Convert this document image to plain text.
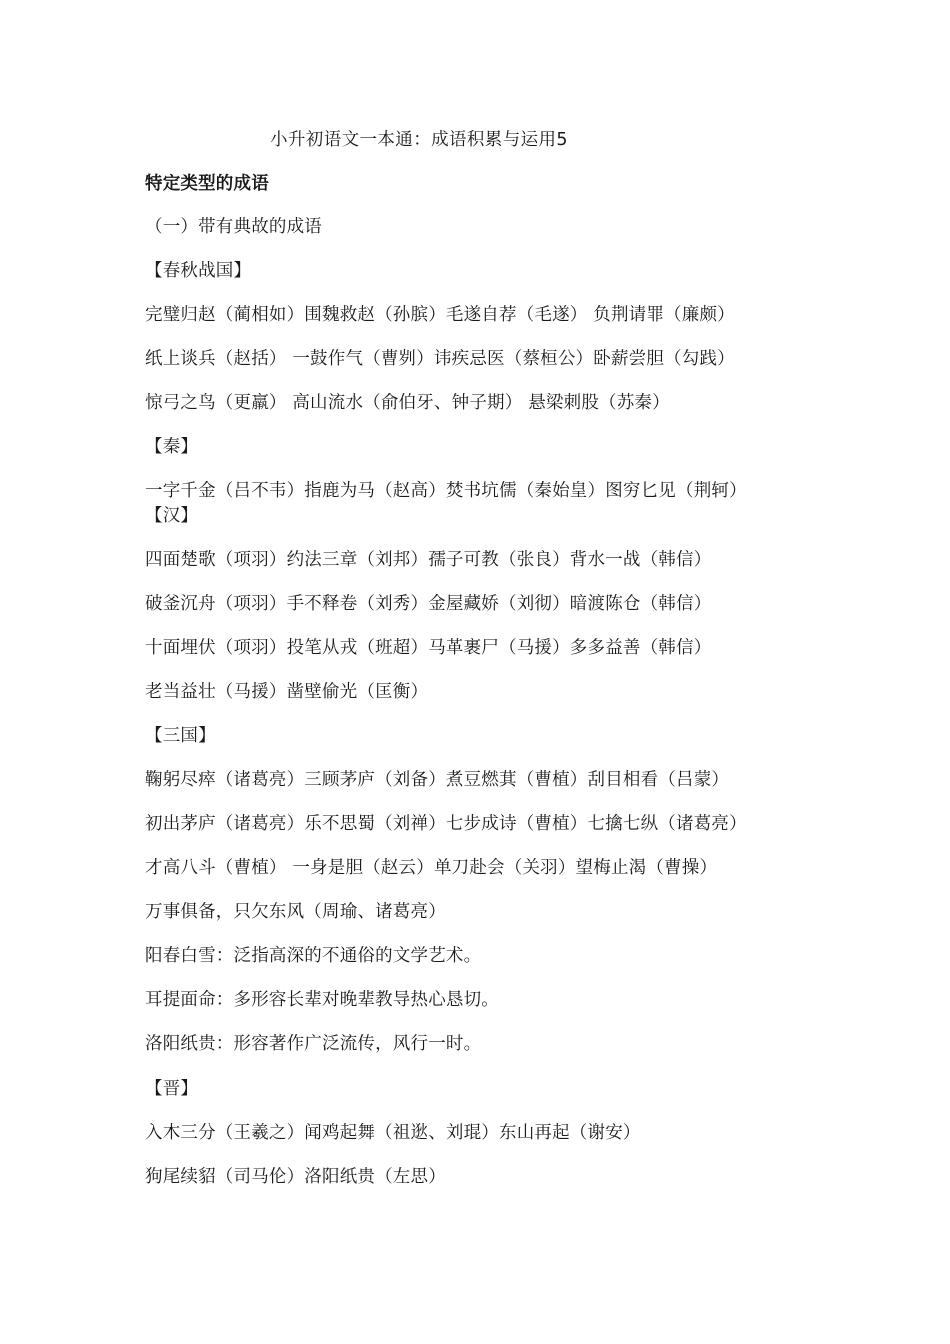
小升初语文一本通：成语积累与运用5
特定类型的成语
（一）带有典故的成语
【春秋战国】
完璧归赵（蔺相如）围魏救赵（孙膑）毛遂自荐（毛遂） 负荆请罪（廉颇）
纸上谈兵（赵括） 一鼓作气（曹刿）讳疾忌医（蔡桓公）卧薪尝胆（勾践）
惊弓之鸟（更羸） 高山流水（俞伯牙、钟子期） 悬梁刺股（苏秦）
【秦】
一字千金（吕不韦）指鹿为马（赵高）焚书坑儒（秦始皇）图穷匕见（荆轲）
【汉】
四面楚歌（项羽）约法三章（刘邦）孺子可教（张良）背水一战（韩信）
破釜沉舟（项羽）手不释卷（刘秀）金屋藏娇（刘彻）暗渡陈仓（韩信）
十面埋伏（项羽）投笔从戎（班超）马革裹尸（马援）多多益善（韩信）
老当益壮（马援）凿壁偷光（匡衡）
【三国】
鞠躬尽瘁（诸葛亮）三顾茅庐（刘备）煮豆燃萁（曹植）刮目相看（吕蒙）
初出茅庐（诸葛亮）乐不思蜀（刘禅）七步成诗（曹植）七擒七纵（诸葛亮）
才高八斗（曹植） 一身是胆（赵云）单刀赴会（关羽）望梅止渴（曹操）
万事俱备，只欠东风（周瑜、诸葛亮）
阳春白雪：泛指高深的不通俗的文学艺术。
耳提面命：多形容长辈对晚辈教导热心恳切。
洛阳纸贵：形容著作广泛流传，风行一时。
【晋】
入木三分（王羲之）闻鸡起舞（祖逖、刘琨）东山再起（谢安）
狗尾续貂（司马伦）洛阳纸贵（左思）
